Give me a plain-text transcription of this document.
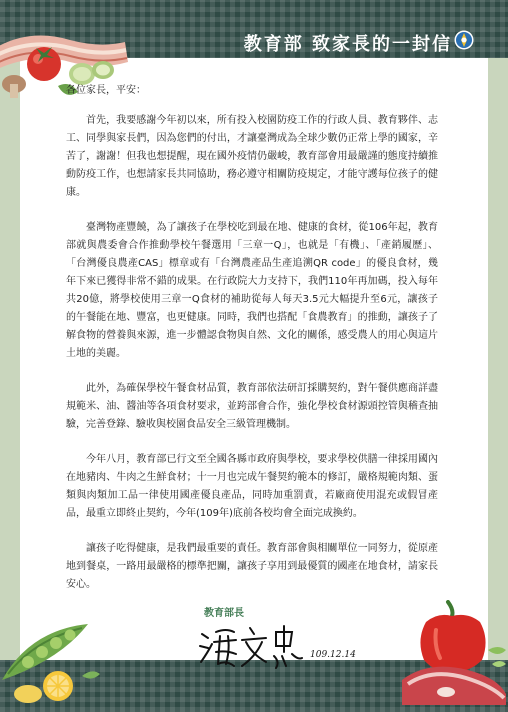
教育部 致家長的一封信

各位家長，平安：

首先，我要感謝今年初以來，所有投入校園防疫工作的行政人員、教育夥伴、志工、同學與家長們，因為您們的付出，才讓臺灣成為全球少數仍正常上學的國家，辛苦了，謝謝！但我也想提醒，現在國外疫情仍嚴峻，教育部會用最嚴謹的態度持續推動防疫工作，也想請家長共同協助，務必遵守相關防疫規定，才能守護每位孩子的健康。

臺灣物產豐饒，為了讓孩子在學校吃到最在地、健康的食材，從106年起，教育部就與農委會合作推動學校午餐選用「三章一Q」，也就是「有機」、「產銷履歷」、「台灣優良農產CAS」標章或有「台灣農產品生產追溯QR code」的優良食材，幾年下來已獲得非常不錯的成果。在行政院大力支持下，我們110年再加碼，投入每年共20億，將學校使用三章一Q食材的補助從每人每天3.5元大幅提升至6元，讓孩子的午餐能在地、豐富，也更健康。同時，我們也搭配「食農教育」的推動，讓孩子了解食物的營養與來源，進一步體認食物與自然、文化的關係，感受農人的用心與這片土地的美麗。

此外，為確保學校午餐食材品質，教育部依法研訂採購契約，對午餐供應商詳盡規範米、油、醬油等各項食材要求，並跨部會合作，強化學校食材源頭控管與稽查抽驗，完善登錄、驗收與校園食品安全三級管理機制。

今年八月，教育部已行文至全國各縣市政府與學校，要求學校供膳一律採用國內在地豬肉、牛肉之生鮮食材；十一月也完成午餐契約範本的修訂，嚴格規範肉類、蛋類與肉類加工品一律使用國產優良產品，同時加重罰責，若廠商使用混充或假冒產品，最重立即終止契約，今年(109年)底前各校均會全面完成換約。

讓孩子吃得健康，是我們最重要的責任。教育部會與相關單位一同努力，從原產地到餐桌，一路用最嚴格的標準把關，讓孩子享用到最優質的國產在地食材，請家長安心。

教育部長
109.12.14
